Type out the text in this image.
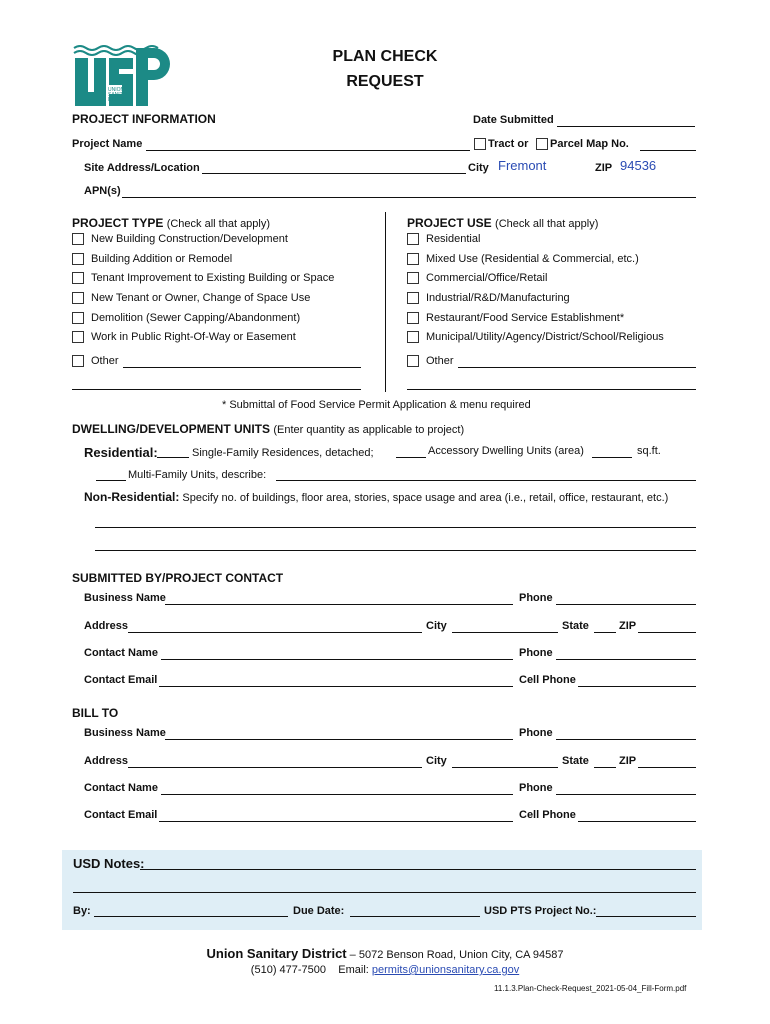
UNION
SANITARY
DISTRICT
PLAN CHECK
REQUEST
PROJECT INFORMATION	Date Submitted
Project Name	Tract or Parcel Map No.
Site Address/Location	City Fremont	ZIP 94536
APN(s)
PROJECT TYPE (Check all that apply)
New Building Construction/Development
Building Addition or Remodel
Tenant Improvement to Existing Building or Space
New Tenant or Owner, Change of Space Use
Demolition (Sewer Capping/Abandonment)
Work in Public Right-Of-Way or Easement
Other
PROJECT USE (Check all that apply)
Residential
Mixed Use (Residential & Commercial, etc.)
Commercial/Office/Retail
Industrial/R&D/Manufacturing
Restaurant/Food Service Establishment*
Municipal/Utility/Agency/District/School/Religious
Other
* Submittal of Food Service Permit Application & menu required
DWELLING/DEVELOPMENT UNITS (Enter quantity as applicable to project)
Residential:	Single-Family Residences, detached;	Accessory Dwelling Units (area)	sq.ft.
Multi-Family Units, describe:
Non-Residential: Specify no. of buildings, floor area, stories, space usage and area (i.e., retail, office, restaurant, etc.)
SUBMITTED BY/PROJECT CONTACT
Business Name	Phone
Address	City	State	ZIP
Contact Name	Phone
Contact Email	Cell Phone
BILL TO
Business Name	Phone
Address	City	State	ZIP
Contact Name	Phone
Contact Email	Cell Phone
USD Notes:
By:	Due Date:	USD PTS Project No.:
Union Sanitary District – 5072 Benson Road, Union City, CA 94587
(510) 477-7500 Email: permits@unionsanitary.ca.gov
11.1.3.Plan-Check-Request_2021-05-04_Fill-Form.pdf
